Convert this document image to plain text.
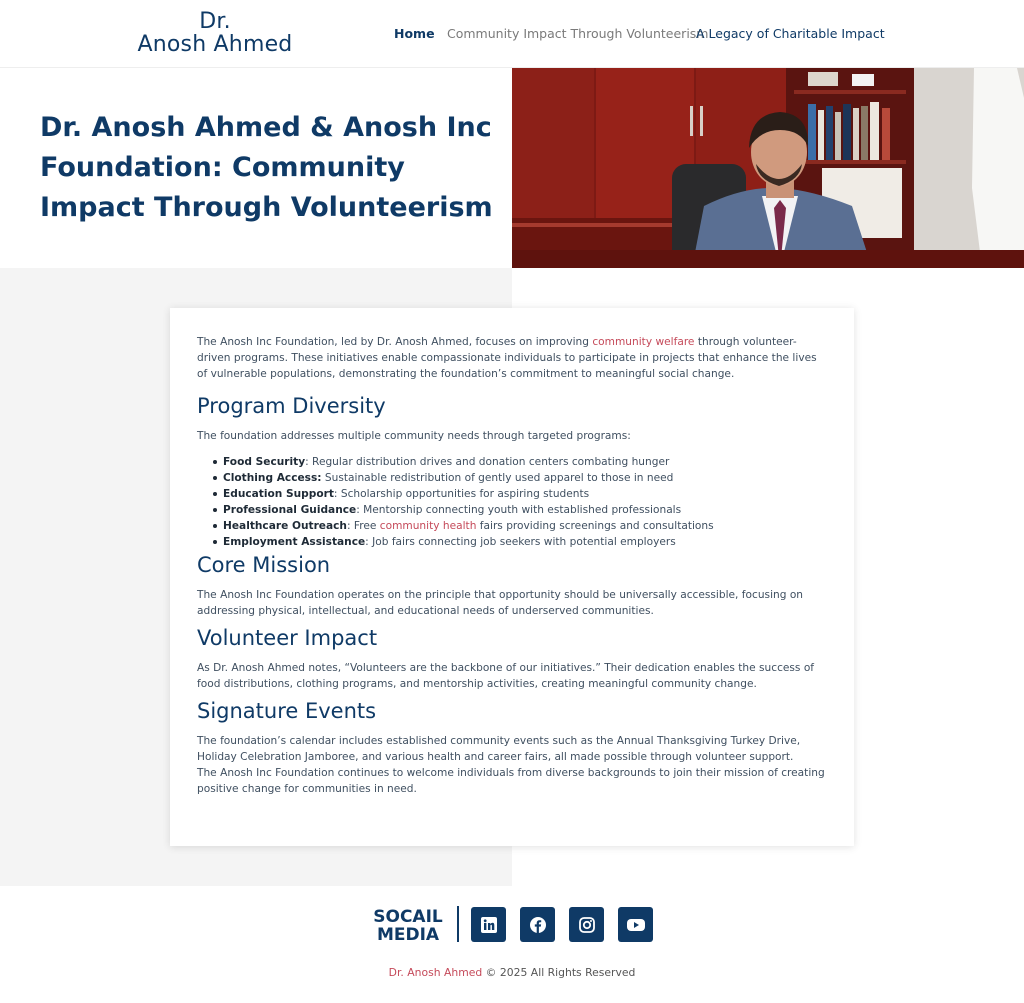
Dr.
Anosh Ahmed	Home Community Impact Through Volunteerism
A Legacy of Charitable Impact
Dr. Anosh Ahmed & Anosh Inc Foundation: Community Impact Through Volunteerism

The Anosh Inc Foundation, led by Dr. Anosh Ahmed, focuses on improving community welfare through volunteer-driven programs. These initiatives enable compassionate individuals to participate in projects that enhance the lives of vulnerable populations, demonstrating the foundation’s commitment to meaningful social change.

Program Diversity

The foundation addresses multiple community needs through targeted programs:

Food Security: Regular distribution drives and donation centers combating hunger
Clothing Access: Sustainable redistribution of gently used apparel to those in need
Education Support: Scholarship opportunities for aspiring students
Professional Guidance: Mentorship connecting youth with established professionals
Healthcare Outreach: Free community health fairs providing screenings and consultations
Employment Assistance: Job fairs connecting job seekers with potential employers
Core Mission

The Anosh Inc Foundation operates on the principle that opportunity should be universally accessible, focusing on addressing physical, intellectual, and educational needs of underserved communities.

Volunteer Impact

As Dr. Anosh Ahmed notes, “Volunteers are the backbone of our initiatives.” Their dedication enables the success of food distributions, clothing programs, and mentorship activities, creating meaningful community change.

Signature Events

The foundation’s calendar includes established community events such as the Annual Thanksgiving Turkey Drive, Holiday Celebration Jamboree, and various health and career fairs, all made possible through volunteer support.

The Anosh Inc Foundation continues to welcome individuals from diverse backgrounds to join their mission of creating positive change for communities in need.

SOCAIL
MEDIA
Dr. Anosh Ahmed © 2025 All Rights Reserved
